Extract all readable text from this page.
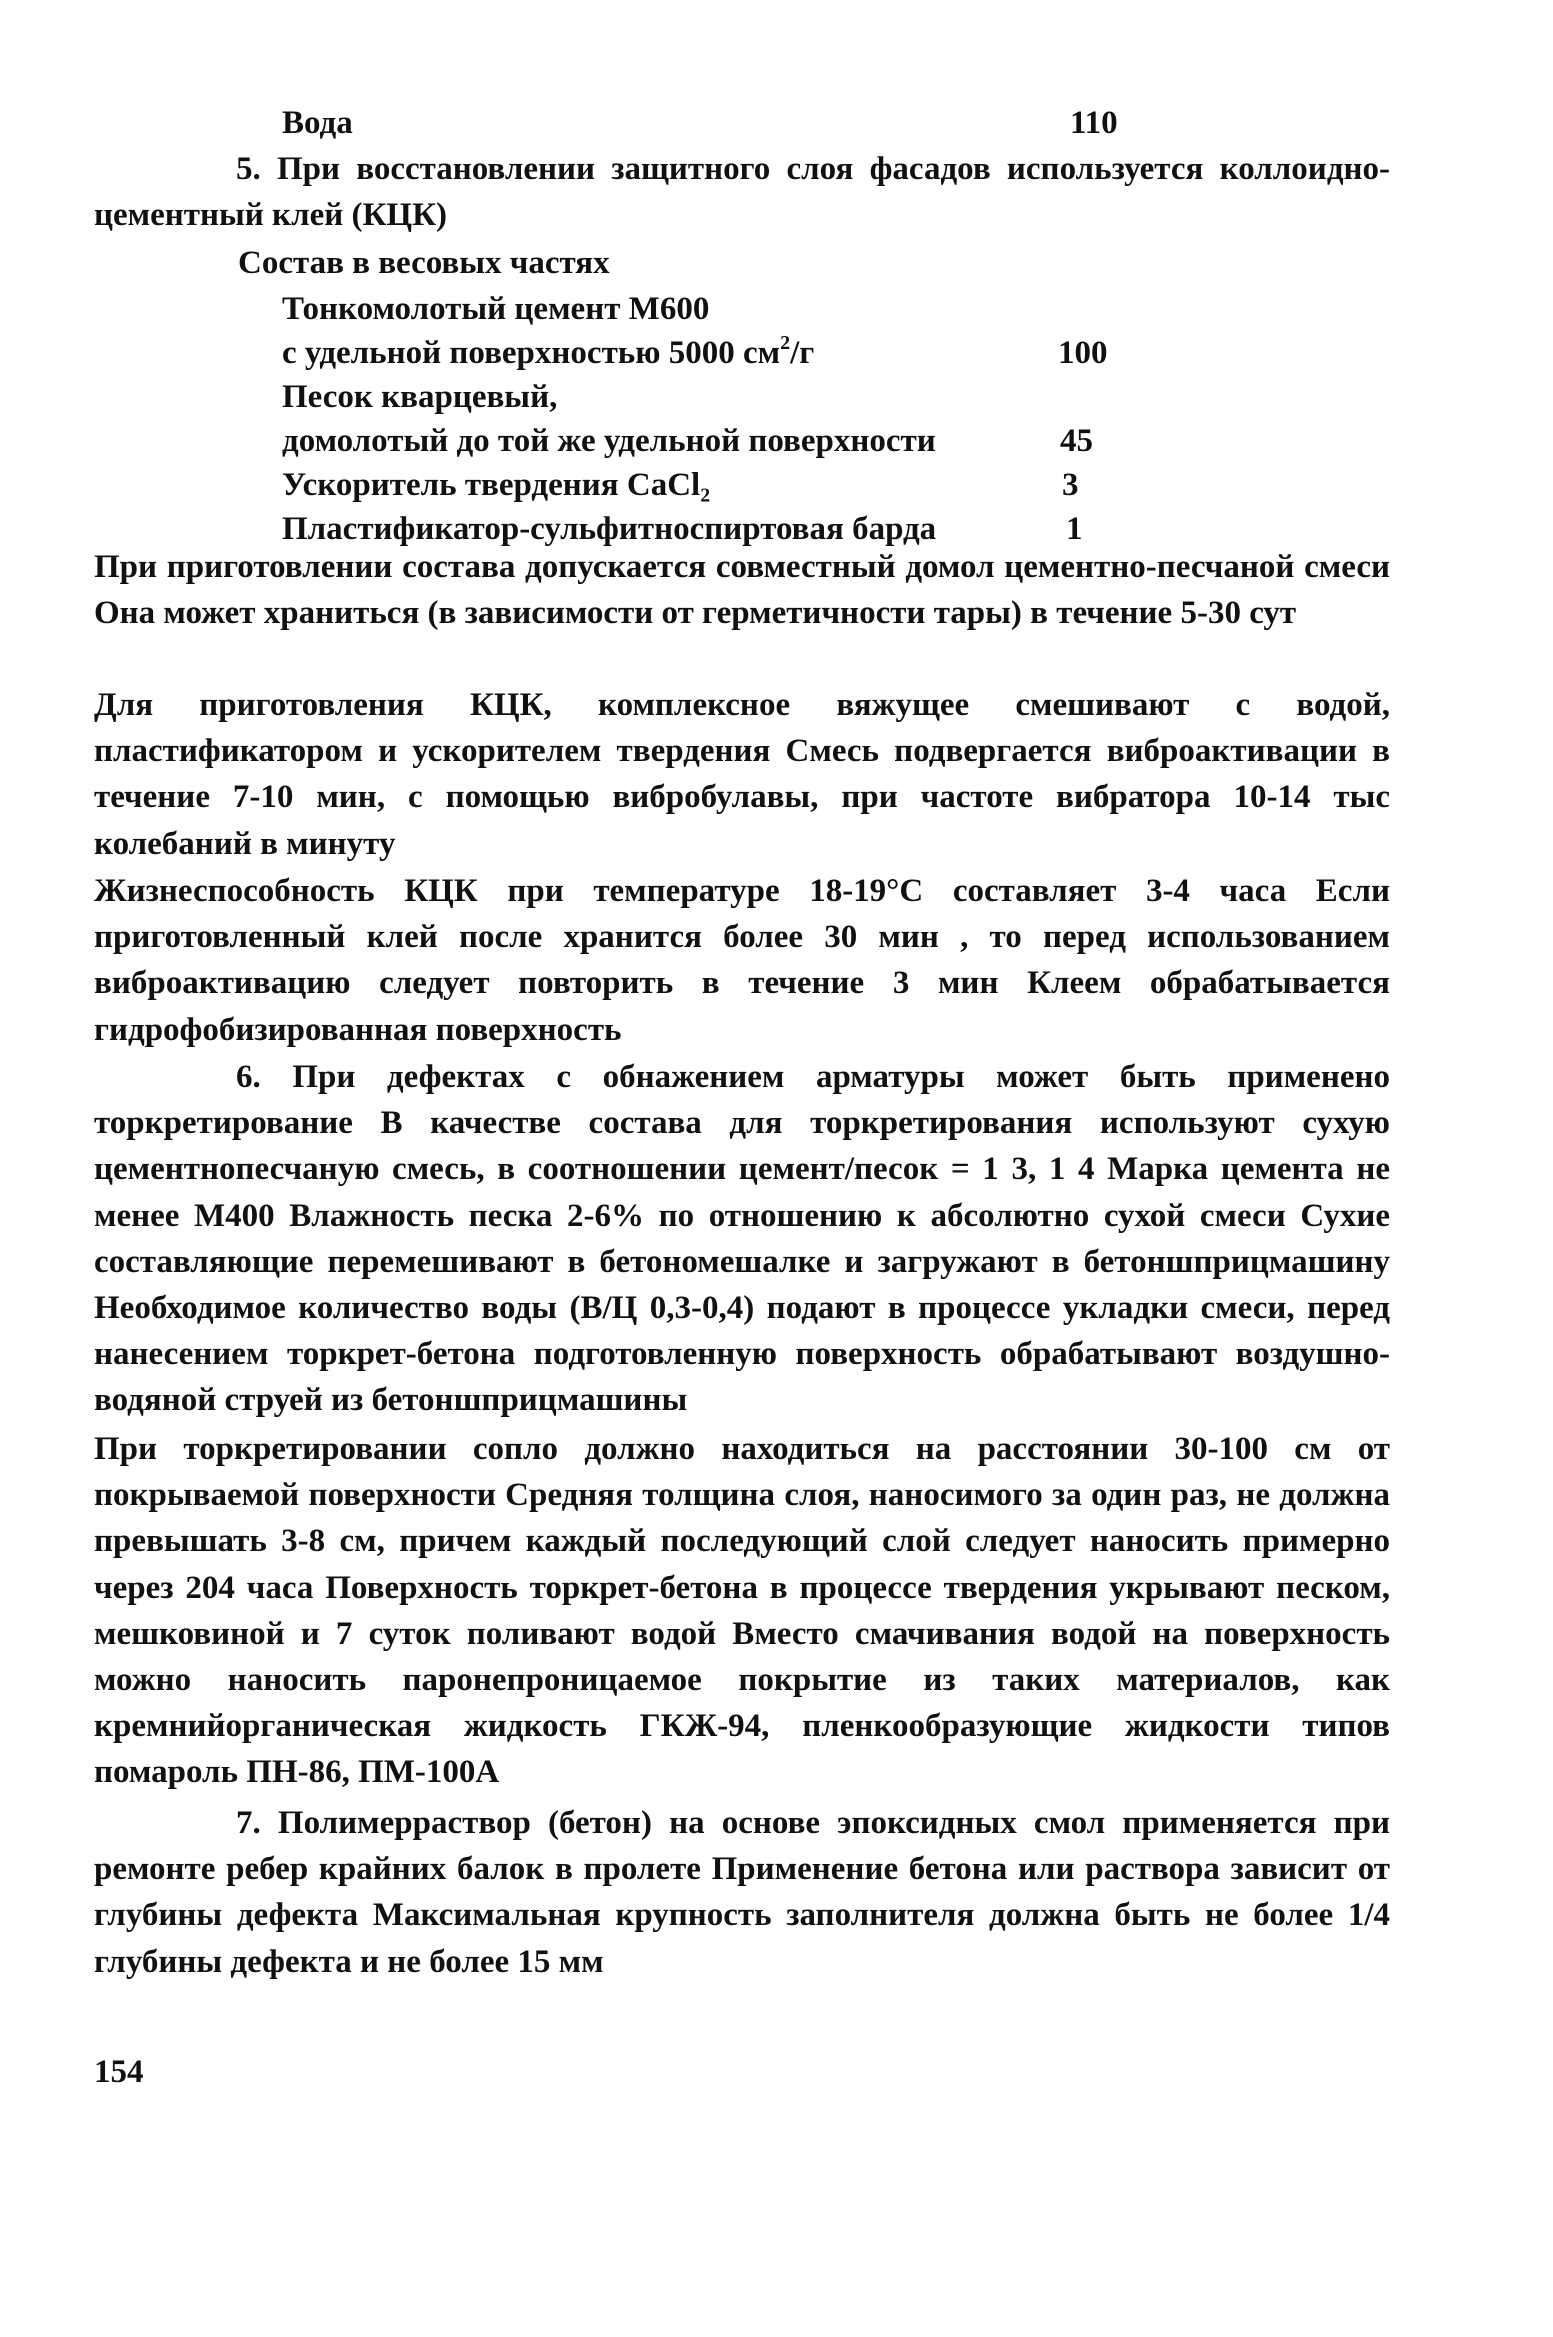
Вода	110

5. При восстановлении защитного слоя фасадов используется коллоидно-цементный клей (КЦК)

Состав в весовых частях
Тонкомолотый цемент М600
с удельной поверхностью 5000 $см^2/г$	100
Песок кварцевый,
домолотый до той же удельной поверхности	45
Ускоритель твердения CaCl₂	3
Пластификатор-сульфитноспиртовая барда	1

При приготовлении состава допускается совместный домол цементно-песчаной смеси Она может храниться (в зависимости от герметичности тары) в течение 5-30 сут

Для приготовления КЦК, комплексное вяжущее смешивают с водой, пластификатором и ускорителем твердения Смесь подвергается виброактивации в течение 7-10 мин, с помощью вибробулавы, при частоте вибратора 10-14 тыс колебаний в минуту

Жизнеспособность КЦК при температуре 18-19°С составляет 3-4 часа Если приготовленный клей после хранится более 30 мин , то перед использованием виброактивацию следует повторить в течение 3 мин Клеем обрабатывается гидрофобизированная поверхность

6. При дефектах с обнажением арматуры может быть применено торкретирование В качестве состава для торкретирования используют сухую цементнопесчаную смесь, в соотношении цемент/песок = 1 3, 1 4 Марка цемента не менее М400 Влажность песка 2-6% по отношению к абсолютно сухой смеси Сухие составляющие перемешивают в бетономешалке и загружают в бетоншприцмашину Необходимое количество воды (В/Ц 0,3-0,4) подают в процессе укладки смеси, перед нанесением торкрет-бетона подготовленную поверхность обрабатывают воздушно-водяной струей из бетоншприцмашины

При торкретировании сопло должно находиться на расстоянии 30-100 см от покрываемой поверхности Средняя толщина слоя, наносимого за один раз, не должна превышать 3-8 см, причем каждый последующий слой следует наносить примерно через 204 часа Поверхность торкрет-бетона в процессе твердения укрывают песком, мешковиной и 7 суток поливают водой Вместо смачивания водой на поверхность можно наносить паронепроницаемое покрытие из таких материалов, как кремнийорганическая жидкость ГКЖ-94, пленкообразующие жидкости типов помароль ПН-86, ПМ-100А

7. Полимерраствор (бетон) на основе эпоксидных смол применяется при ремонте ребер крайних балок в пролете Применение бетона или раствора зависит от глубины дефекта Максимальная крупность заполнителя должна быть не более 1/4 глубины дефекта и не более 15 мм

154
